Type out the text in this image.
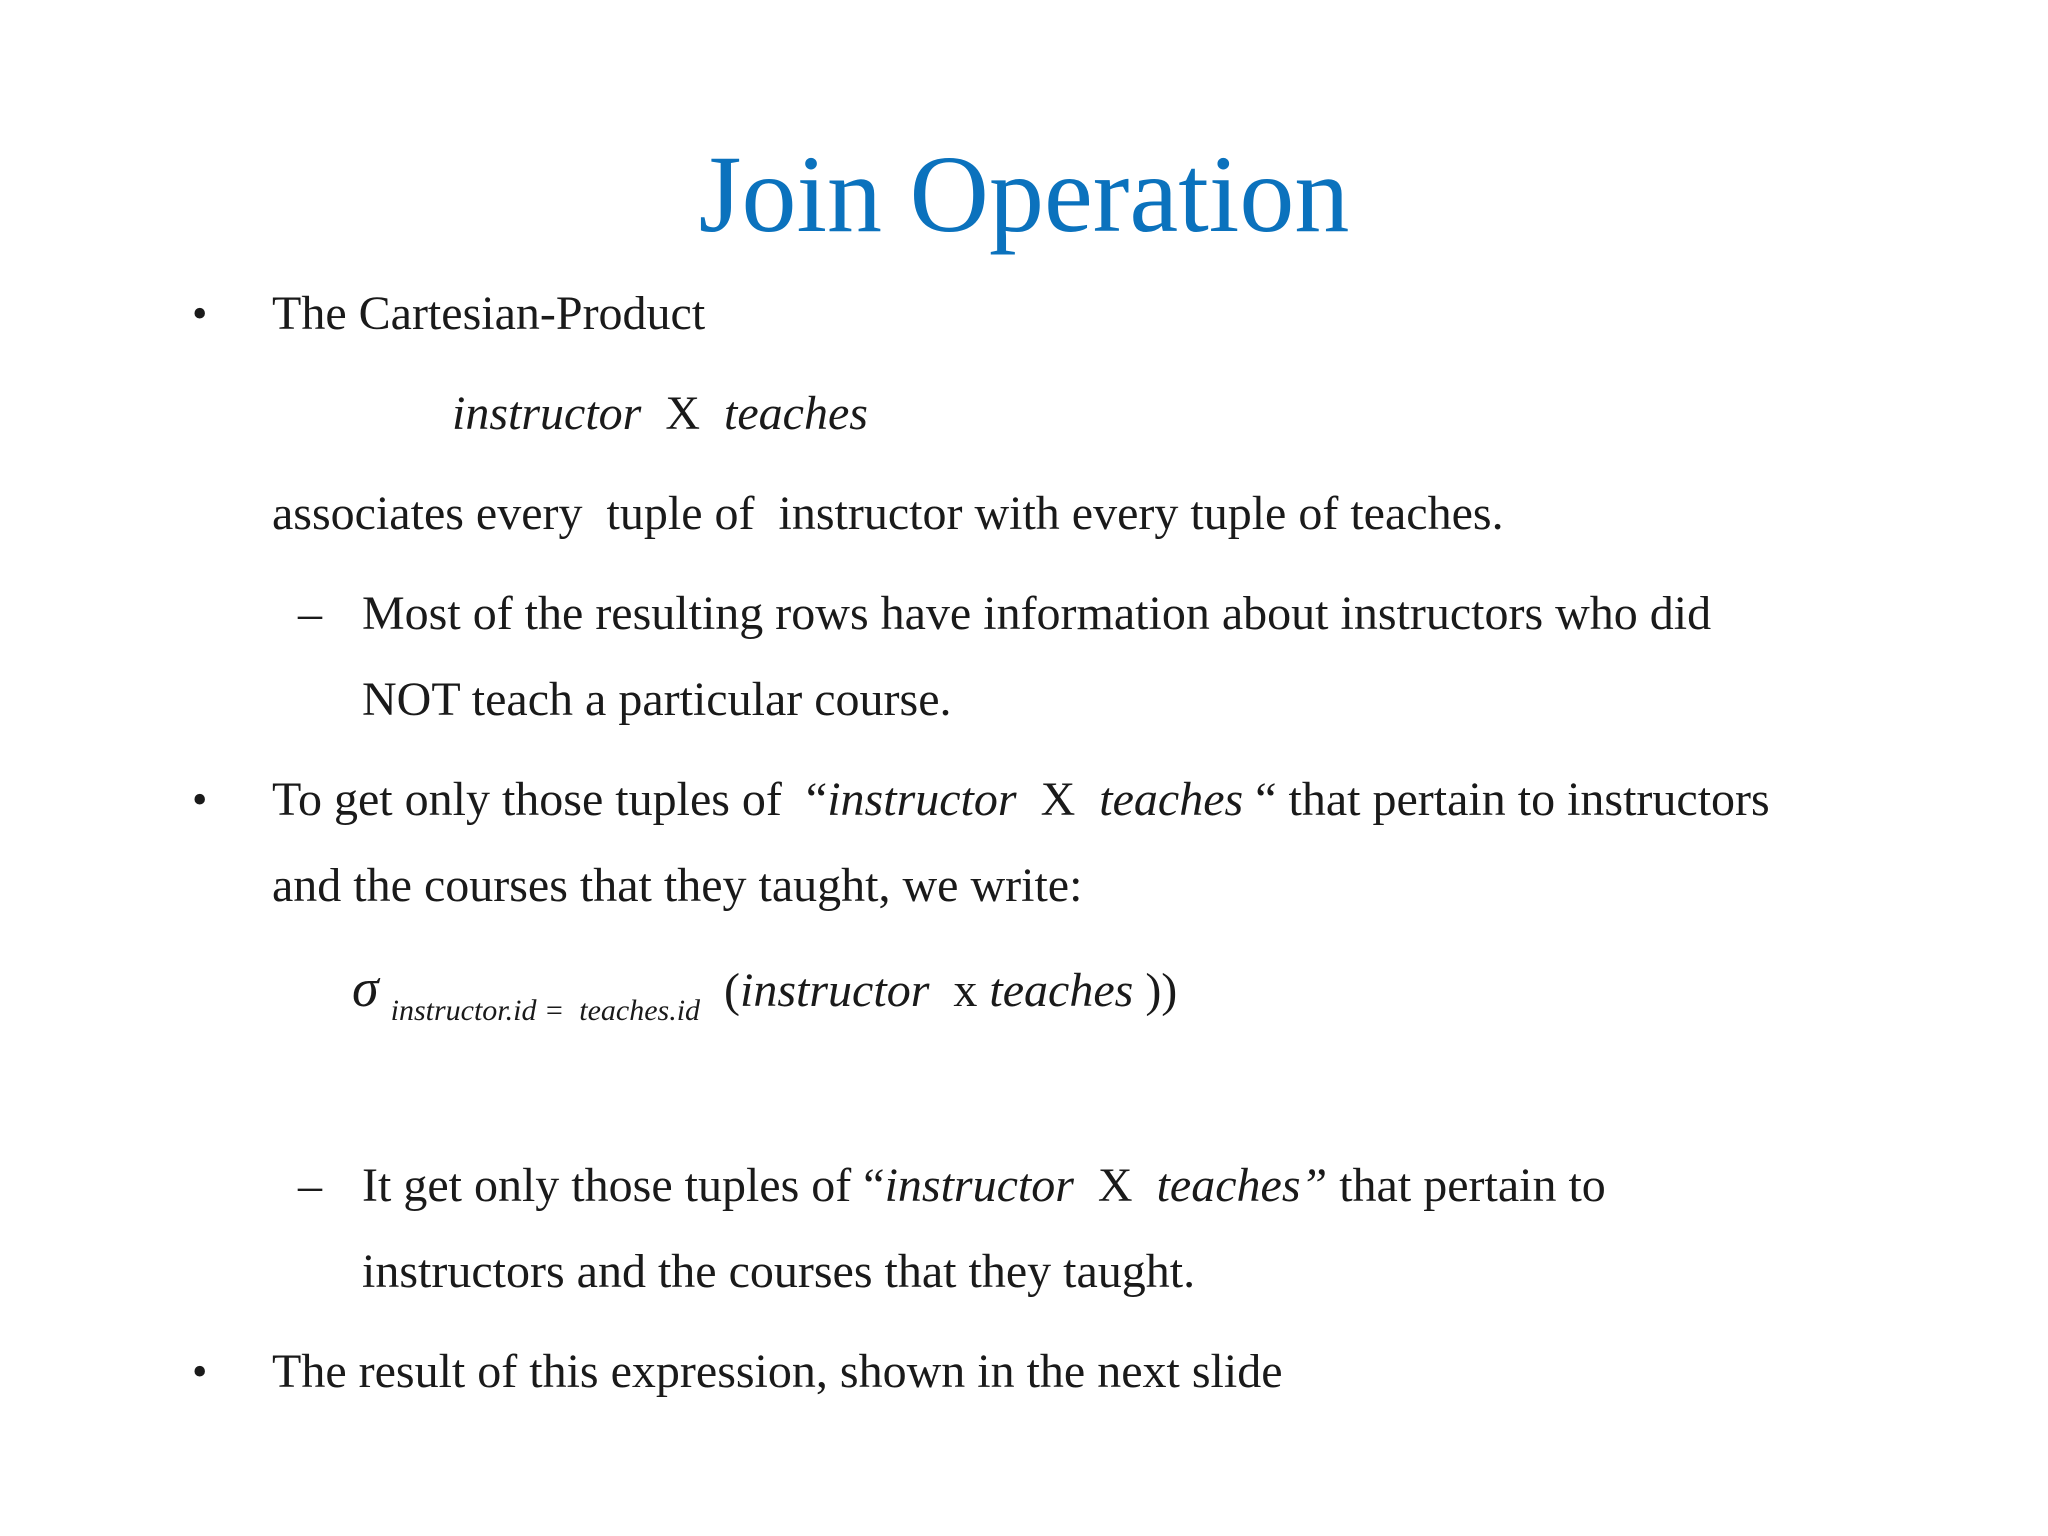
Join Operation
• The Cartesian-Product
instructor X teaches
associates every  tuple of  instructor with every tuple of teaches.
– Most of the resulting rows have information about instructors who did
NOT teach a particular course.
• To get only those tuples of  “instructor X teaches “ that pertain to instructors
and the courses that they taught, we write:
σ $_{instructor.id = teaches.id}$ (instructor x teaches ))
– It get only those tuples of “instructor X teaches” that pertain to
instructors and the courses that they taught.
• The result of this expression, shown in the next slide
